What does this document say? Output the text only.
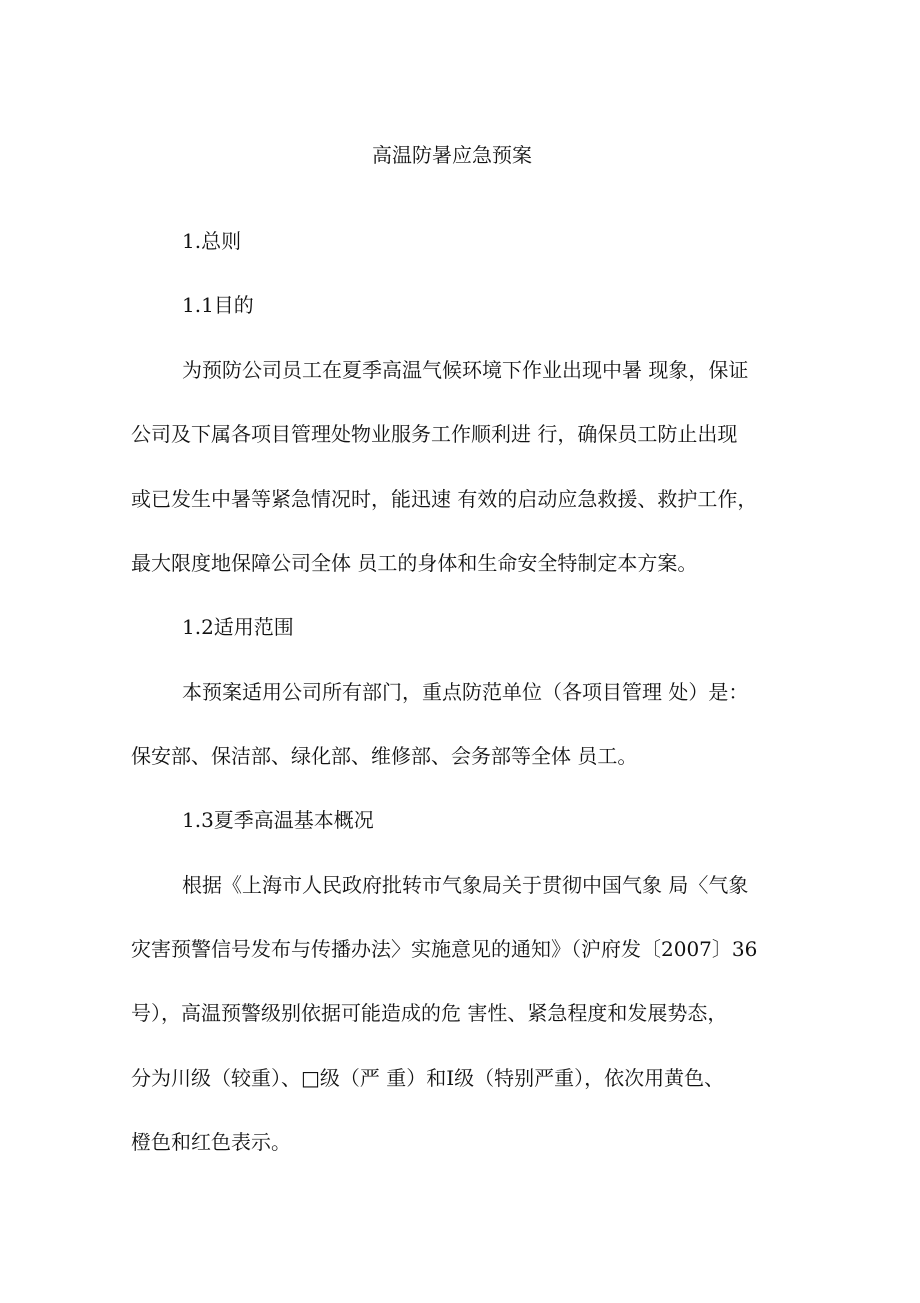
高温防暑应急预案
1.总则
1.1目的
为预防公司员工在夏季高温气候环境下作业出现中暑 现象，保证
公司及下属各项目管理处物业服务工作顺利进 行，确保员工防止出现
或已发生中暑等紧急情况时，能迅速 有效的启动应急救援、救护工作，
最大限度地保障公司全体 员工的身体和生命安全特制定本方案。
1.2适用范围
本预案适用公司所有部门，重点防范单位（各项目管理 处）是：
保安部、保洁部、绿化部、维修部、会务部等全体 员工。
1.3夏季高温基本概况
根据《上海市人民政府批转市气象局关于贯彻中国气象 局〈气象
灾害预警信号发布与传播办法〉实施意见的通知》（沪府发〔2007〕36
号），高温预警级别依据可能造成的危 害性、紧急程度和发展势态，
分为川级（较重）、□级（严 重）和I级（特别严重），依次用黄色、
橙色和红色表示。
